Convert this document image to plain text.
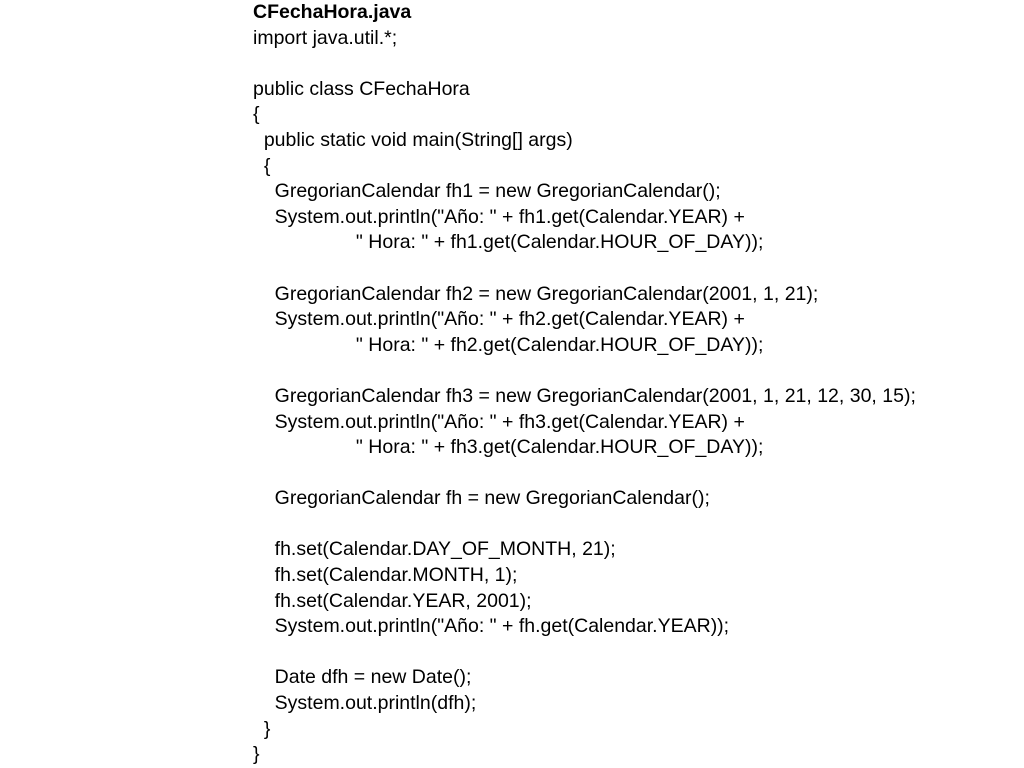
CFechaHora.java
import java.util.*;
public class CFechaHora
{
public static void main(String[] args)
{
GregorianCalendar fh1 = new GregorianCalendar();
System.out.println("Año: " + fh1.get(Calendar.YEAR) +
" Hora: " + fh1.get(Calendar.HOUR_OF_DAY));
GregorianCalendar fh2 = new GregorianCalendar(2001, 1, 21);
System.out.println("Año: " + fh2.get(Calendar.YEAR) +
" Hora: " + fh2.get(Calendar.HOUR_OF_DAY));
GregorianCalendar fh3 = new GregorianCalendar(2001, 1, 21, 12, 30, 15);
System.out.println("Año: " + fh3.get(Calendar.YEAR) +
" Hora: " + fh3.get(Calendar.HOUR_OF_DAY));
GregorianCalendar fh = new GregorianCalendar();
fh.set(Calendar.DAY_OF_MONTH, 21);
fh.set(Calendar.MONTH, 1);
fh.set(Calendar.YEAR, 2001);
System.out.println("Año: " + fh.get(Calendar.YEAR));
Date dfh = new Date();
System.out.println(dfh);
}
}
